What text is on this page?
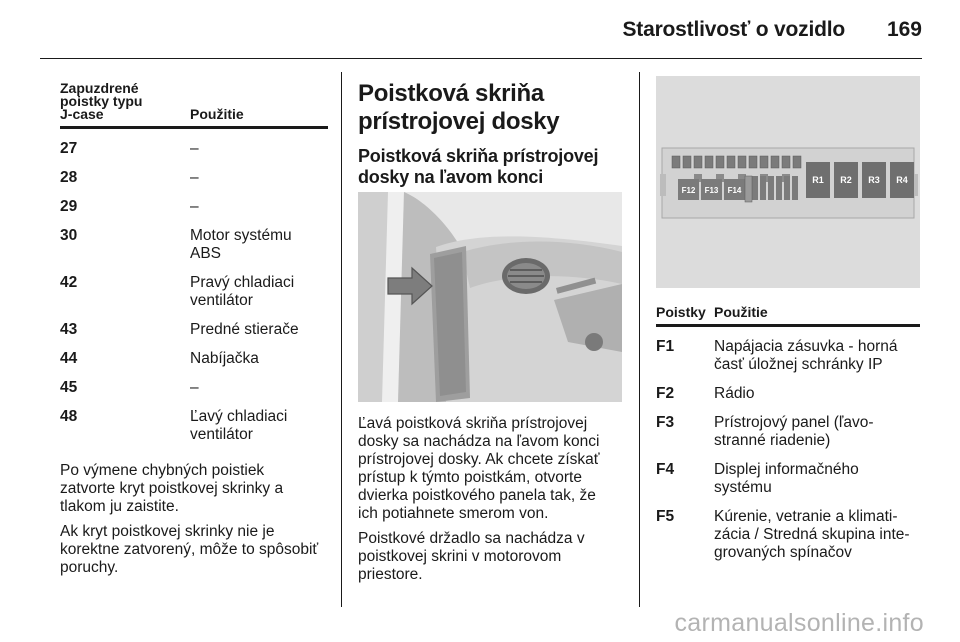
Starostlivosť o vozidlo 169
Zapuzdrené
poistky typu
J-case	Použitie
27	–
28	–
29	–
30	Motor systému
ABS
42	Pravý chladiaci
ventilátor
43	Predné stierače
44	Nabíjačka
45	–
48	Ľavý chladiaci
ventilátor
Po výmene chybných poistiek
zatvorte kryt poistkovej skrinky a
tlakom ju zaistite.
Ak kryt poistkovej skrinky nie je
korektne zatvorený, môže to spôsobiť
poruchy.
Poistková skriňa
prístrojovej dosky
Poistková skriňa prístrojovej
dosky na ľavom konci
Ľavá poistková skriňa prístrojovej
dosky sa nachádza na ľavom konci
prístrojovej dosky. Ak chcete získať
prístup k týmto poistkám, otvorte
dvierka poistkového panela tak, že
ich potiahnete smerom von.
Poistkové držadlo sa nachádza v
poistkovej skrini v motorovom
priestore.
F12 F13 F14
R1 R2 R3 R4
Poistky Použitie
F1	Napájacia zásuvka - horná
časť úložnej schránky IP
F2	Rádio
F3	Prístrojový panel (ľavo-
stranné riadenie)
F4	Displej informačného
systému
F5	Kúrenie, vetranie a klimati-
zácia / Stredná skupina inte-
grovaných spínačov
carmanualsonline.info
